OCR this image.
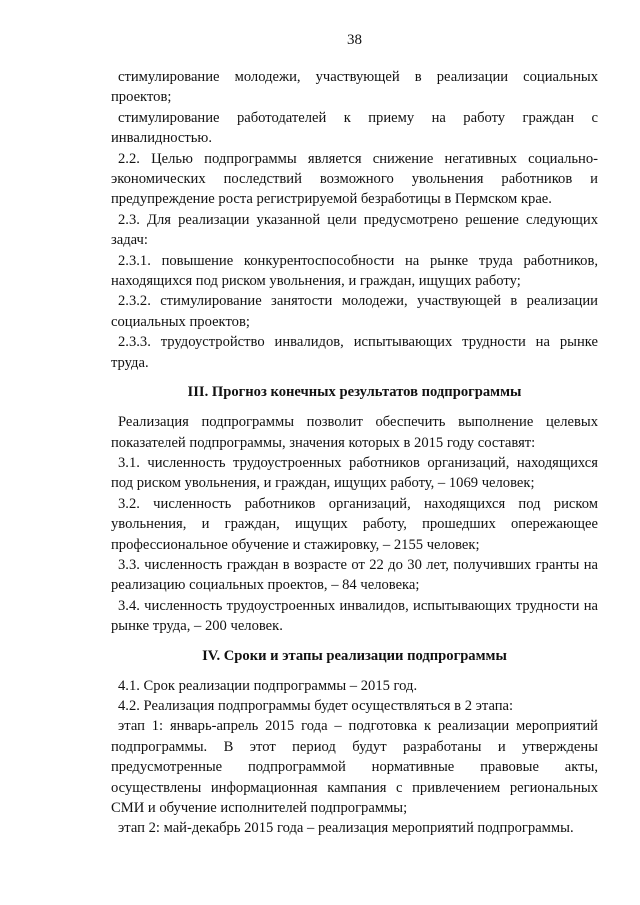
38

стимулирование молодежи, участвующей в реализации социальных проектов;

стимулирование работодателей к приему на работу граждан с инвалидностью.

2.2. Целью подпрограммы является снижение негативных социально-экономических последствий возможного увольнения работников и предупреждение роста регистрируемой безработицы в Пермском крае.

2.3. Для реализации указанной цели предусмотрено решение следующих задач:

2.3.1. повышение конкурентоспособности на рынке труда работников, находящихся под риском увольнения, и граждан, ищущих работу;

2.3.2. стимулирование занятости молодежи, участвующей в реализации социальных проектов;

2.3.3. трудоустройство инвалидов, испытывающих трудности на рынке труда.

III. Прогноз конечных результатов подпрограммы

Реализация подпрограммы позволит обеспечить выполнение целевых показателей подпрограммы, значения которых в 2015 году составят:

3.1. численность трудоустроенных работников организаций, находящихся под риском увольнения, и граждан, ищущих работу, – 1069 человек;

3.2. численность работников организаций, находящихся под риском увольнения, и граждан, ищущих работу, прошедших опережающее профессиональное обучение и стажировку, – 2155 человек;

3.3. численность граждан в возрасте от 22 до 30 лет, получивших гранты на реализацию социальных проектов, – 84 человека;

3.4. численность трудоустроенных инвалидов, испытывающих трудности на рынке труда, – 200 человек.

IV. Сроки и этапы реализации подпрограммы

4.1. Срок реализации подпрограммы – 2015 год.

4.2. Реализация подпрограммы будет осуществляться в 2 этапа:

этап 1: январь-апрель 2015 года – подготовка к реализации мероприятий подпрограммы. В этот период будут разработаны и утверждены предусмотренные подпрограммой нормативные правовые акты, осуществлены информационная кампания с привлечением региональных СМИ и обучение исполнителей подпрограммы;

этап 2: май-декабрь 2015 года – реализация мероприятий подпрограммы.
